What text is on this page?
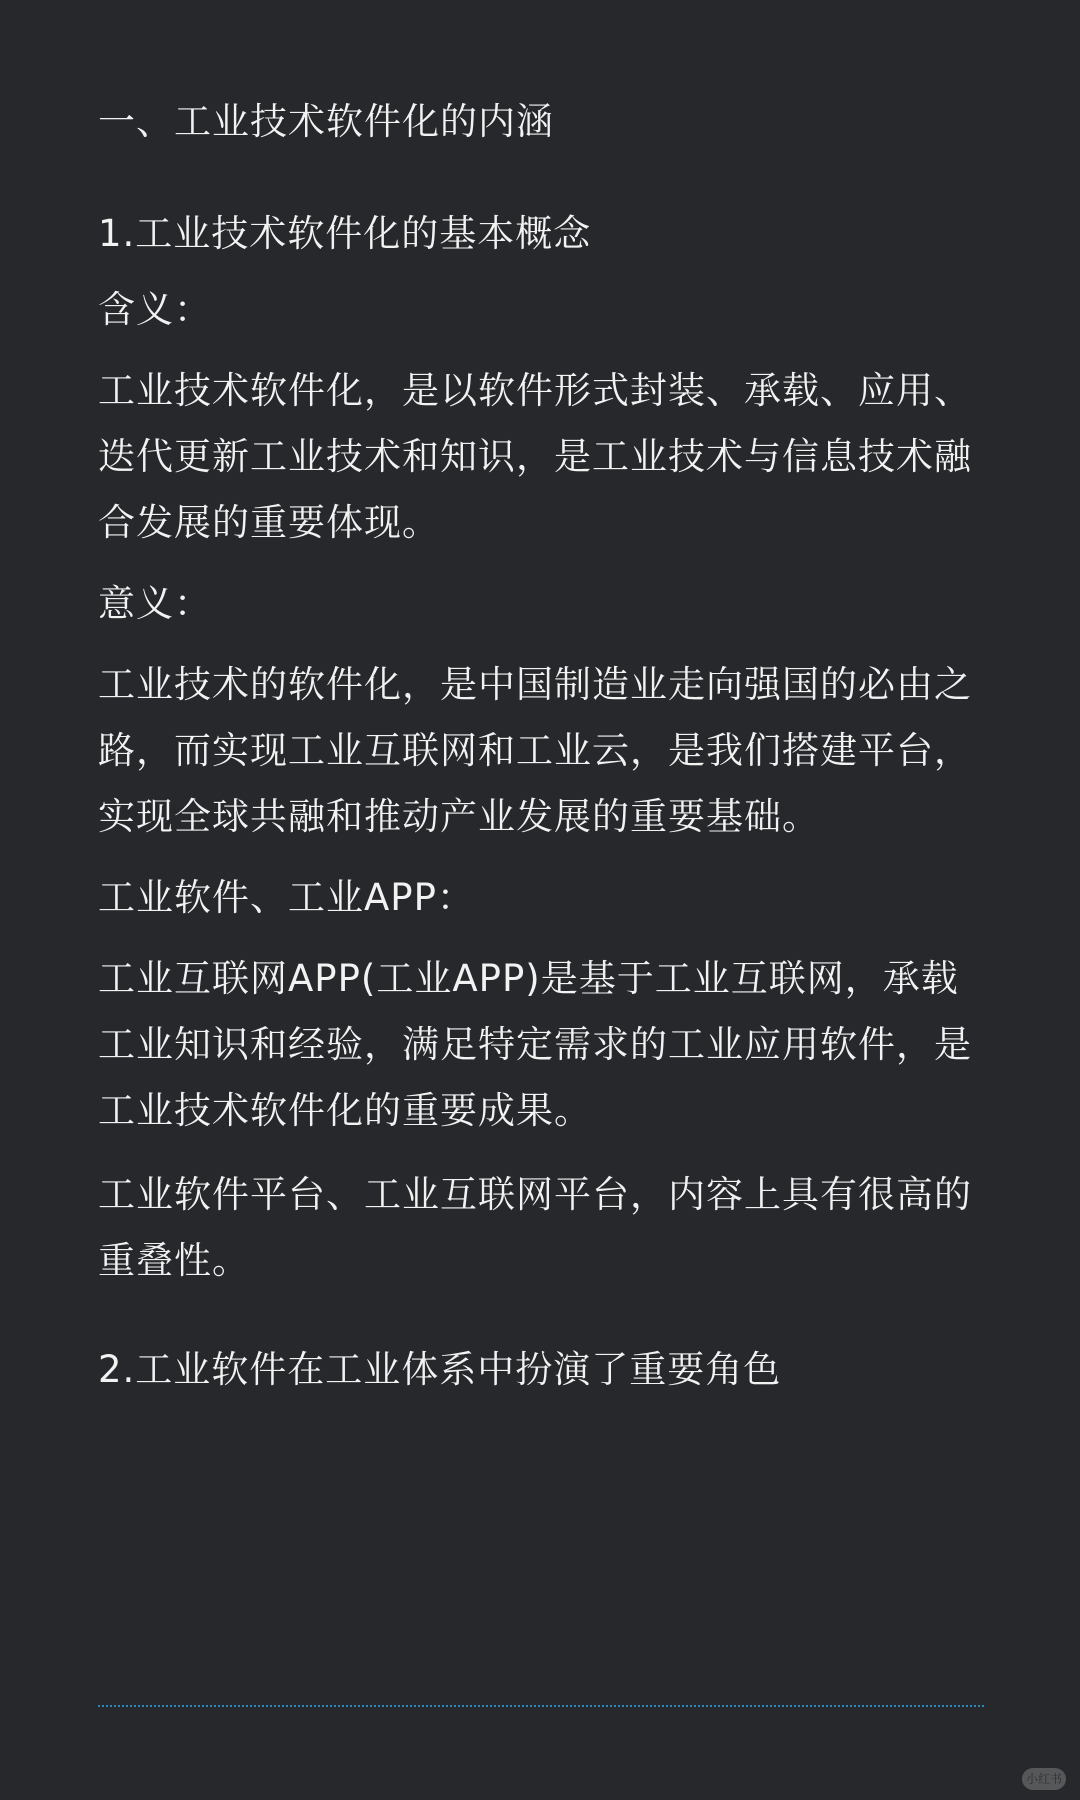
一、工业技术软件化的内涵
1.工业技术软件化的基本概念
含义：
工业技术软件化，是以软件形式封装、承载、应用、迭代更新工业技术和知识，是工业技术与信息技术融合发展的重要体现。
意义：
工业技术的软件化，是中国制造业走向强国的必由之路，而实现工业互联网和工业云，是我们搭建平台，实现全球共融和推动产业发展的重要基础。
工业软件、工业APP：
工业互联网APP(工业APP)是基于工业互联网，承载工业知识和经验，满足特定需求的工业应用软件，是工业技术软件化的重要成果。
工业软件平台、工业互联网平台，内容上具有很高的重叠性。
2.工业软件在工业体系中扮演了重要角色
小红书
